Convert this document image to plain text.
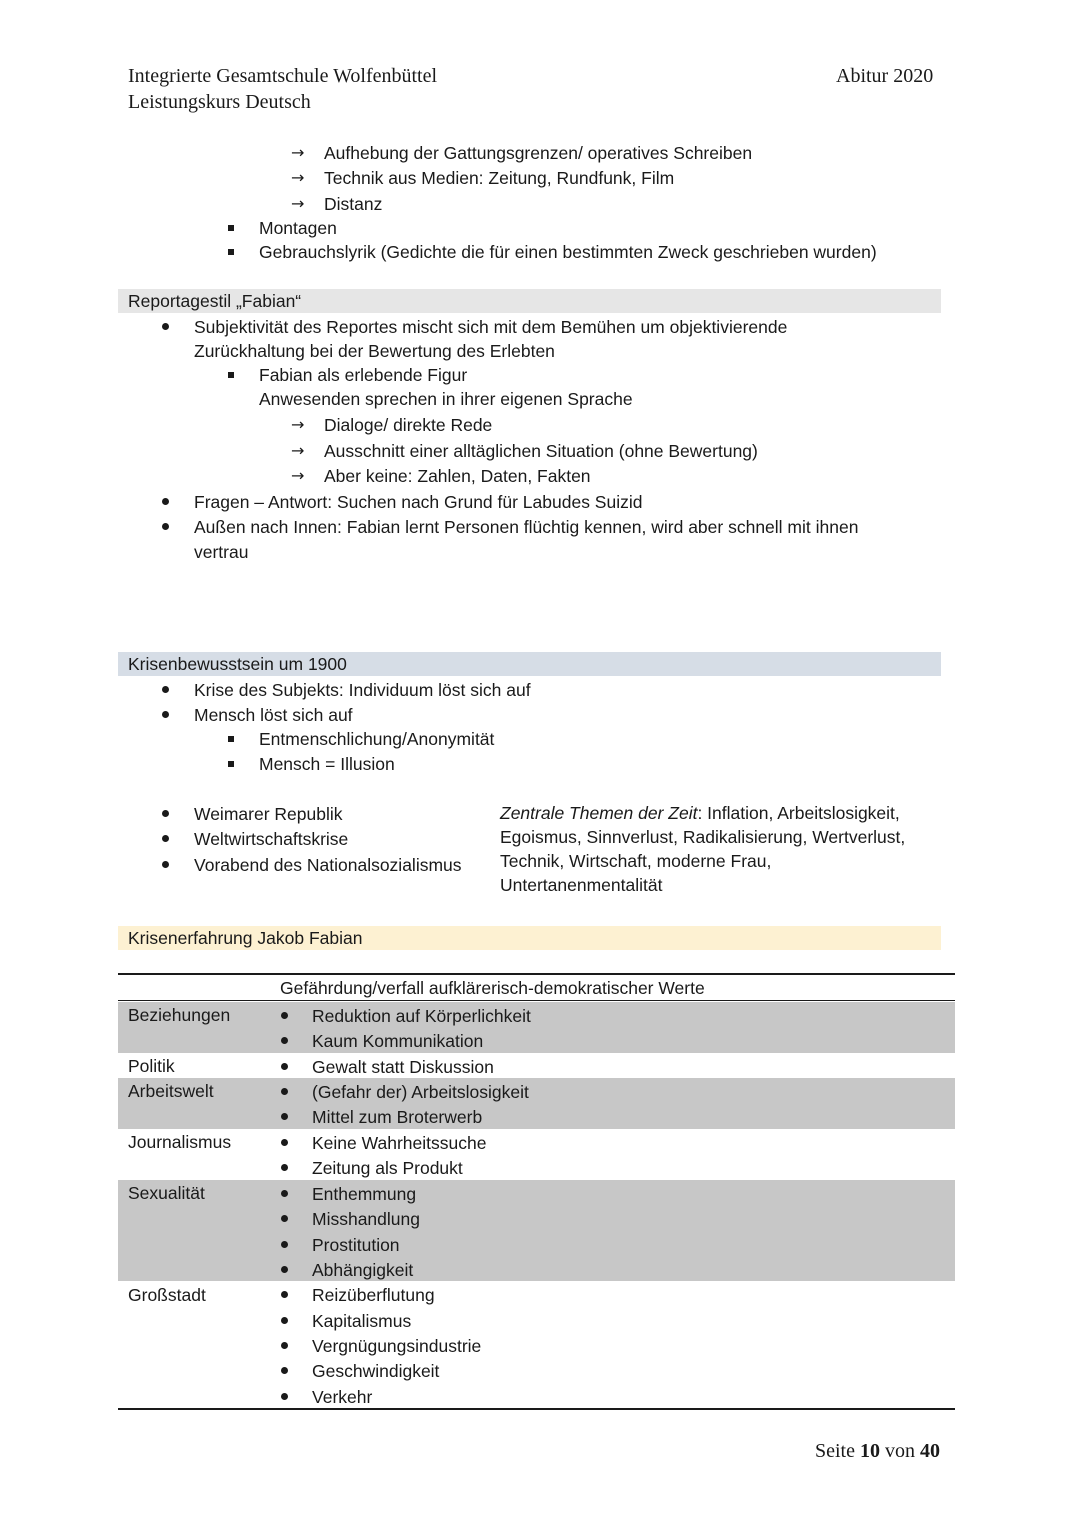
Integrierte Gesamtschule Wolfenbüttel
Leistungskurs Deutsch
Abitur 2020
→ Aufhebung der Gattungsgrenzen/ operatives Schreiben
→ Technik aus Medien: Zeitung, Rundfunk, Film
→ Distanz
Montagen
Gebrauchslyrik (Gedichte die für einen bestimmten Zweck geschrieben wurden)
Reportagestil „Fabian“
Subjektivität des Reportes mischt sich mit dem Bemühen um objektivierende
Zurückhaltung bei der Bewertung des Erlebten
Fabian als erlebende Figur
Anwesenden sprechen in ihrer eigenen Sprache
→ Dialoge/ direkte Rede
→ Ausschnitt einer alltäglichen Situation (ohne Bewertung)
→ Aber keine: Zahlen, Daten, Fakten
Fragen – Antwort: Suchen nach Grund für Labudes Suizid
Außen nach Innen: Fabian lernt Personen flüchtig kennen, wird aber schnell mit ihnen
vertrau
Krisenbewusstsein um 1900
Krise des Subjekts: Individuum löst sich auf
Mensch löst sich auf
Entmenschlichung/Anonymität
Mensch = Illusion
Weimarer Republik
Weltwirtschaftskrise
Vorabend des Nationalsozialismus
Zentrale Themen der Zeit: Inflation, Arbeitslosigkeit,
Egoismus, Sinnverlust, Radikalisierung, Wertverlust,
Technik, Wirtschaft, moderne Frau,
Untertanenmentalität
Krisenerfahrung Jakob Fabian
Gefährdung/verfall aufklärerisch-demokratischer Werte
Beziehungen	Reduktion auf Körperlichkeit
Kaum Kommunikation
Politik	Gewalt statt Diskussion
Arbeitswelt	(Gefahr der) Arbeitslosigkeit
Mittel zum Broterwerb
Journalismus	Keine Wahrheitssuche
Zeitung als Produkt
Sexualität	Enthemmung
Misshandlung
Prostitution
Abhängigkeit
Großstadt	Reizüberflutung
Kapitalismus
Vergnügungsindustrie
Geschwindigkeit
Verkehr
Seite 10 von 40
